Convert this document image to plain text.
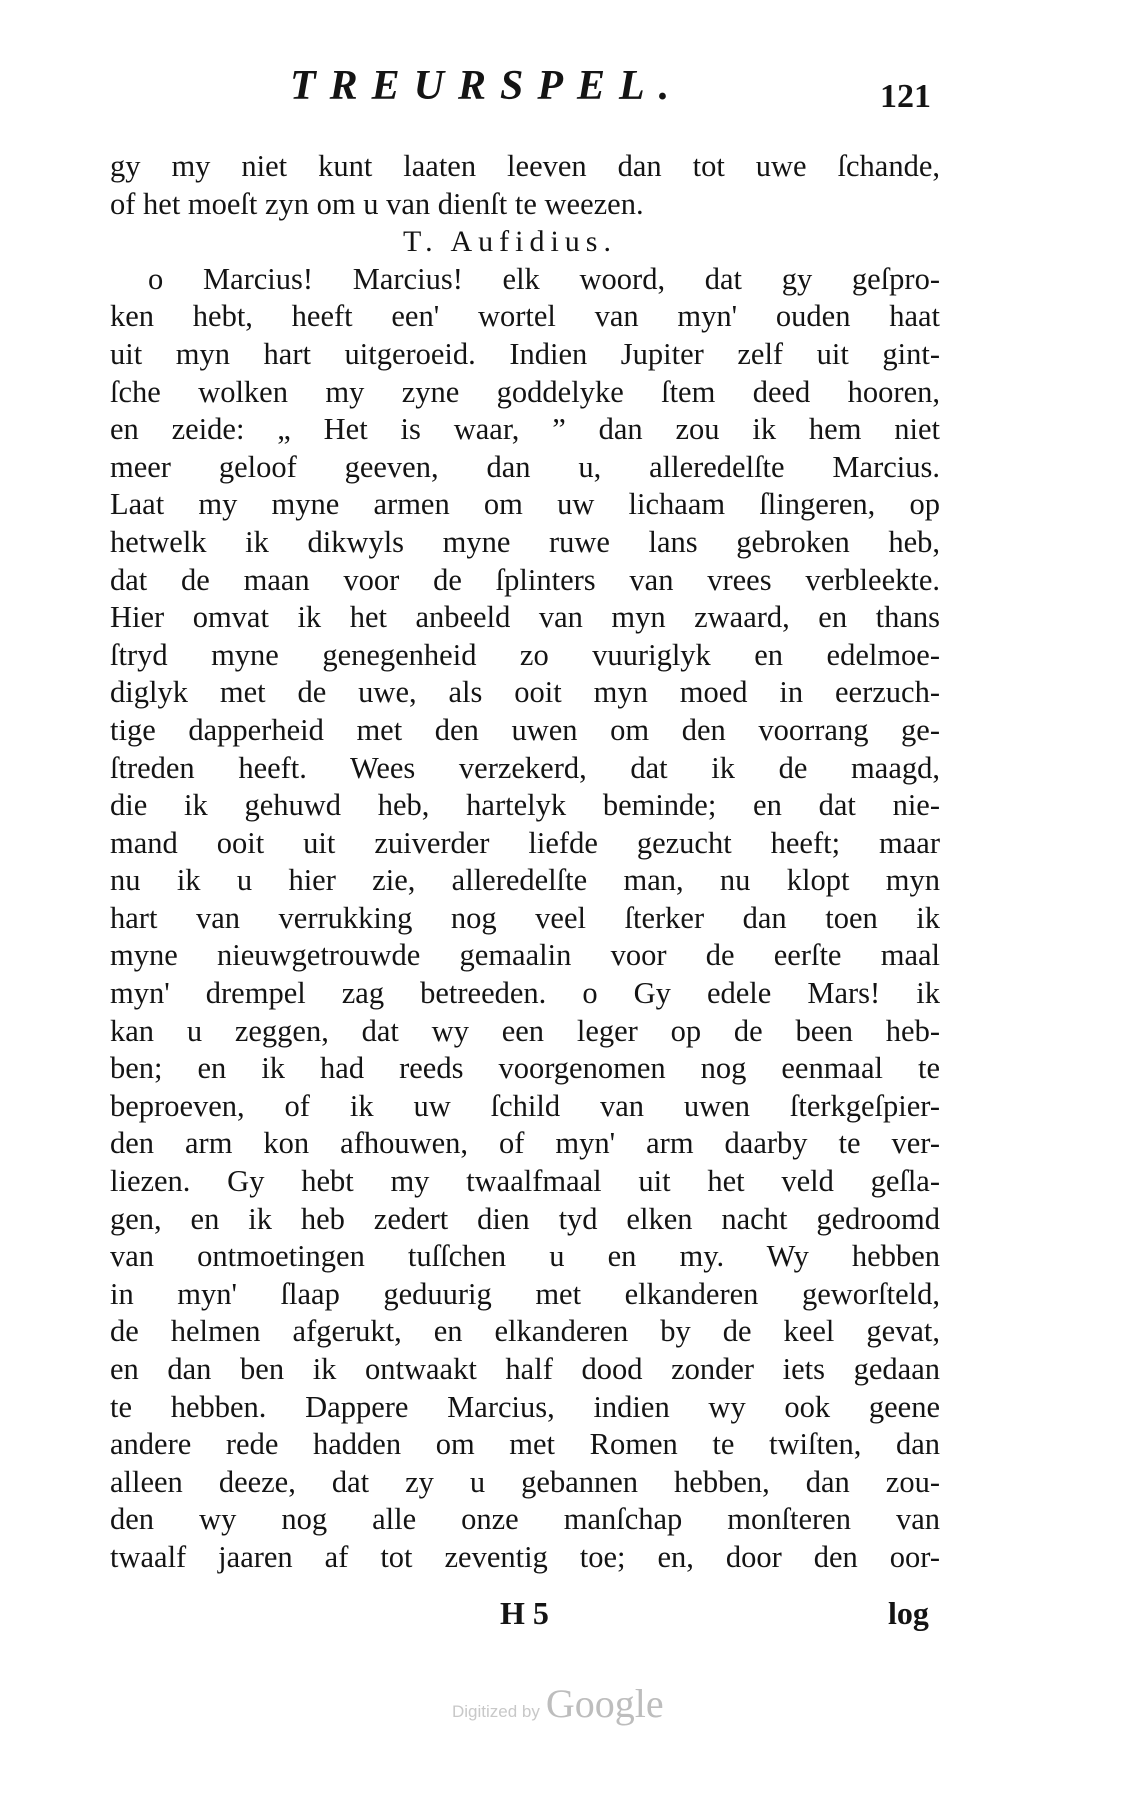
TREURSPEL.	121
gy my niet kunt laaten leeven dan tot uwe ſchande,
of het moeſt zyn om u van dienſt te weezen.
T. Aufidius.
o Marcius! Marcius! elk woord, dat gy geſpro-
ken hebt, heeft een' wortel van myn' ouden haat
uit myn hart uitgeroeid. Indien Jupiter zelf uit gint-
ſche wolken my zyne goddelyke ſtem deed hooren,
en zeide: „ Het is waar, ” dan zou ik hem niet
meer geloof geeven, dan u, alleredelſte Marcius.
Laat my myne armen om uw lichaam ſlingeren, op
hetwelk ik dikwyls myne ruwe lans gebroken heb,
dat de maan voor de ſplinters van vrees verbleekte.
Hier omvat ik het anbeeld van myn zwaard, en thans
ſtryd myne genegenheid zo vuuriglyk en edelmoe-
diglyk met de uwe, als ooit myn moed in eerzuch-
tige dapperheid met den uwen om den voorrang ge-
ſtreden heeft. Wees verzekerd, dat ik de maagd,
die ik gehuwd heb, hartelyk beminde; en dat nie-
mand ooit uit zuiverder liefde gezucht heeft; maar
nu ik u hier zie, alleredelſte man, nu klopt myn
hart van verrukking nog veel ſterker dan toen ik
myne nieuwgetrouwde gemaalin voor de eerſte maal
myn' drempel zag betreeden. o Gy edele Mars! ik
kan u zeggen, dat wy een leger op de been heb-
ben; en ik had reeds voorgenomen nog eenmaal te
beproeven, of ik uw ſchild van uwen ſterkgeſpier-
den arm kon afhouwen, of myn' arm daarby te ver-
liezen. Gy hebt my twaalfmaal uit het veld geſla-
gen, en ik heb zedert dien tyd elken nacht gedroomd
van ontmoetingen tuſſchen u en my. Wy hebben
in myn' ſlaap geduurig met elkanderen geworſteld,
de helmen afgerukt, en elkanderen by de keel gevat,
en dan ben ik ontwaakt half dood zonder iets gedaan
te hebben. Dappere Marcius, indien wy ook geene
andere rede hadden om met Romen te twiſten, dan
alleen deeze, dat zy u gebannen hebben, dan zou-
den wy nog alle onze manſchap monſteren van
twaalf jaaren af tot zeventig toe; en, door den oor-
H 5	log
Digitized by Google
